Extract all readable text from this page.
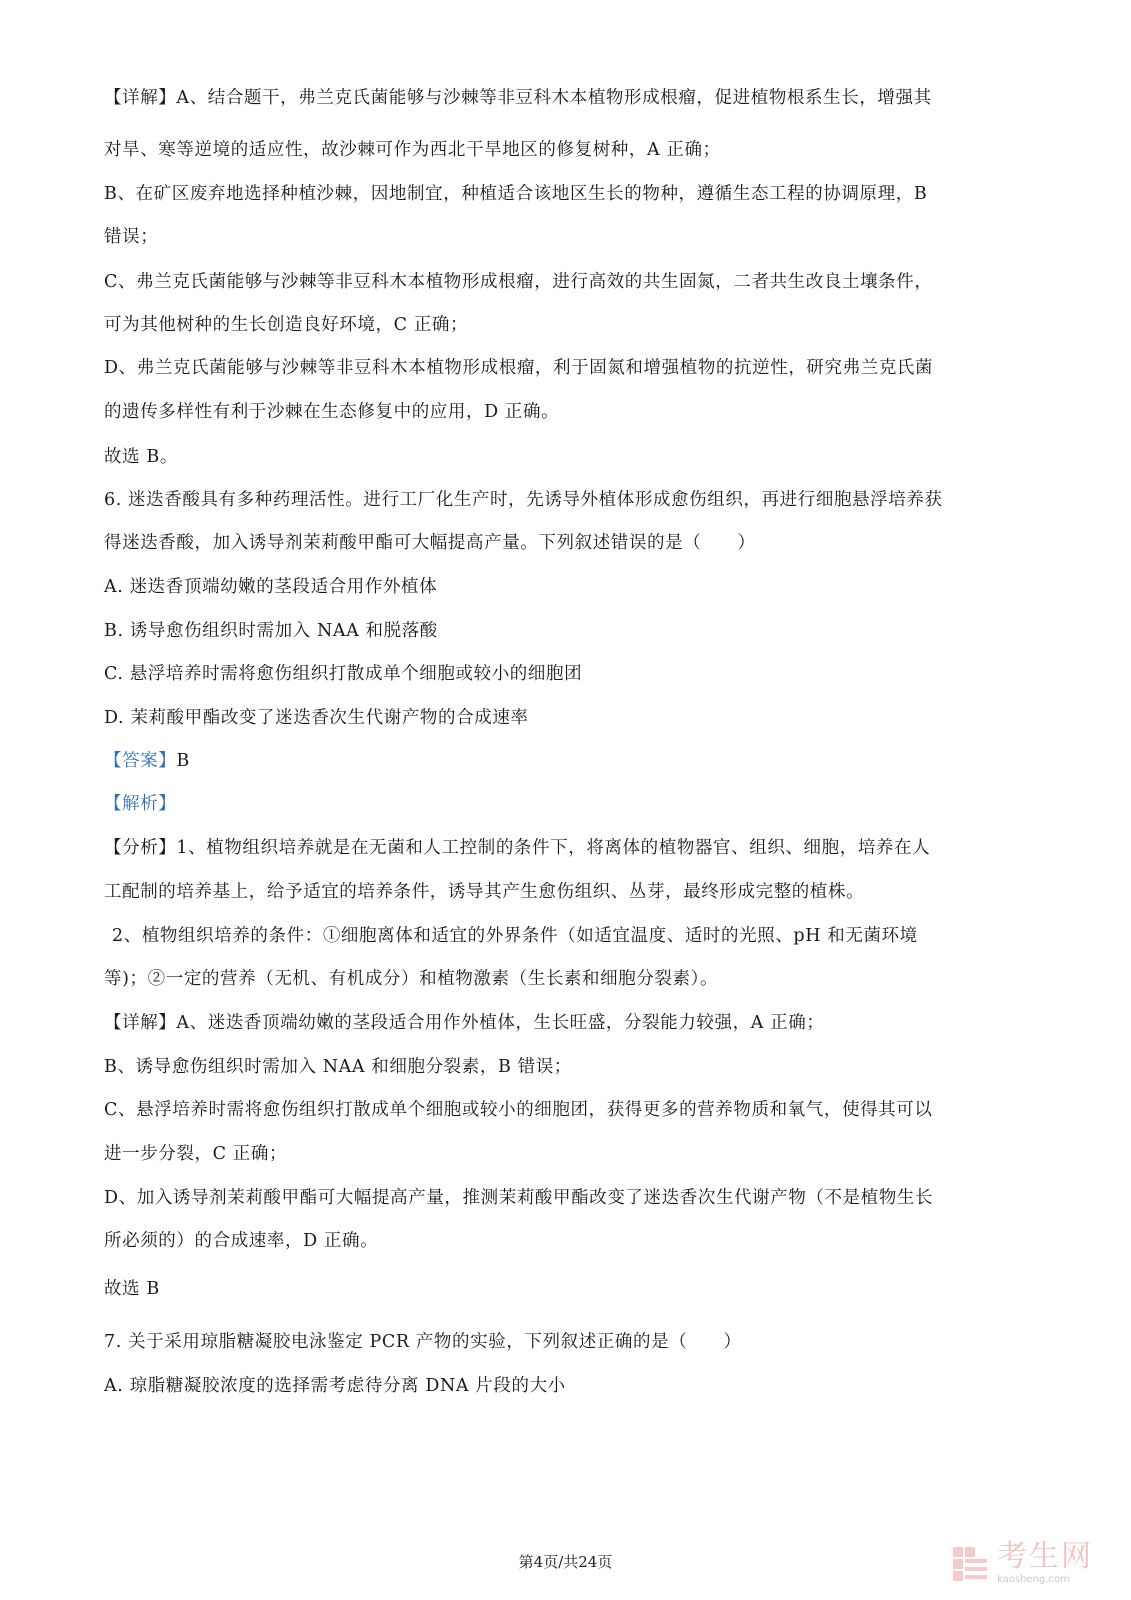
【详解】A、结合题干，弗兰克氏菌能够与沙棘等非豆科木本植物形成根瘤，促进植物根系生长，增强其
对旱、寒等逆境的适应性，故沙棘可作为西北干旱地区的修复树种，A 正确；
B、在矿区废弃地选择种植沙棘，因地制宜，种植适合该地区生长的物种，遵循生态工程的协调原理，B
错误；
C、弗兰克氏菌能够与沙棘等非豆科木本植物形成根瘤，进行高效的共生固氮，二者共生改良土壤条件，
可为其他树种的生长创造良好环境，C 正确；
D、弗兰克氏菌能够与沙棘等非豆科木本植物形成根瘤，利于固氮和增强植物的抗逆性，研究弗兰克氏菌
的遗传多样性有利于沙棘在生态修复中的应用，D 正确。
故选 B。
6. 迷迭香酸具有多种药理活性。进行工厂化生产时，先诱导外植体形成愈伤组织，再进行细胞悬浮培养获
得迷迭香酸，加入诱导剂茉莉酸甲酯可大幅提高产量。下列叙述错误的是（　　）
A. 迷迭香顶端幼嫩的茎段适合用作外植体
B. 诱导愈伤组织时需加入 NAA 和脱落酸
C. 悬浮培养时需将愈伤组织打散成单个细胞或较小的细胞团
D. 茉莉酸甲酯改变了迷迭香次生代谢产物的合成速率
【答案】B
【解析】
【分析】1、植物组织培养就是在无菌和人工控制的条件下，将离体的植物器官、组织、细胞，培养在人
工配制的培养基上，给予适宜的培养条件，诱导其产生愈伤组织、丛芽，最终形成完整的植株。
2、植物组织培养的条件：①细胞离体和适宜的外界条件（如适宜温度、适时的光照、pH 和无菌环境
等)；②一定的营养（无机、有机成分）和植物激素（生长素和细胞分裂素）。
【详解】A、迷迭香顶端幼嫩的茎段适合用作外植体，生长旺盛，分裂能力较强，A 正确；
B、诱导愈伤组织时需加入 NAA 和细胞分裂素，B 错误；
C、悬浮培养时需将愈伤组织打散成单个细胞或较小的细胞团，获得更多的营养物质和氧气，使得其可以
进一步分裂，C 正确；
D、加入诱导剂茉莉酸甲酯可大幅提高产量，推测茉莉酸甲酯改变了迷迭香次生代谢产物（不是植物生长
所必须的）的合成速率，D 正确。
故选 B
7. 关于采用琼脂糖凝胶电泳鉴定 PCR 产物的实验，下列叙述正确的是（　　）
A. 琼脂糖凝胶浓度的选择需考虑待分离 DNA 片段的大小
第4页/共24页	考生网
kaosheng.com
